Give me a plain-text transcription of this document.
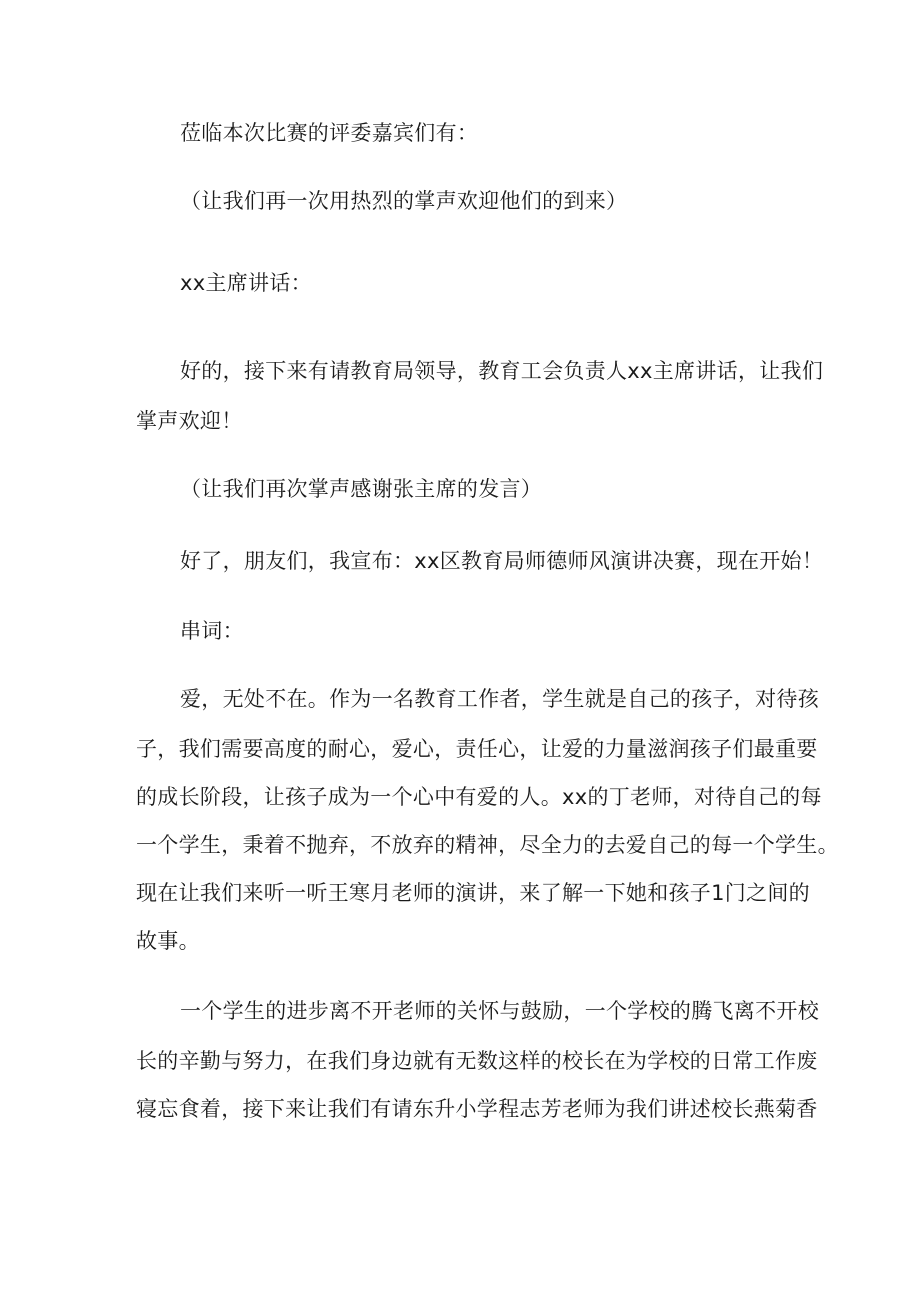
莅临本次比赛的评委嘉宾们有：
（让我们再一次用热烈的掌声欢迎他们的到来）
xx主席讲话：
好的，接下来有请教育局领导，教育工会负责人xx主席讲话，让我们
掌声欢迎！
（让我们再次掌声感谢张主席的发言）
好了，朋友们，我宣布：xx区教育局师德师风演讲决赛，现在开始！
串词：
爱，无处不在。作为一名教育工作者，学生就是自己的孩子，对待孩
子，我们需要高度的耐心，爱心，责任心，让爱的力量滋润孩子们最重要
的成长阶段，让孩子成为一个心中有爱的人。xx的丁老师，对待自己的每
一个学生，秉着不抛弃，不放弃的精神，尽全力的去爱自己的每一个学生。
现在让我们来听一听王寒月老师的演讲，来了解一下她和孩子1门之间的
故事。
一个学生的进步离不开老师的关怀与鼓励，一个学校的腾飞离不开校
长的辛勤与努力，在我们身边就有无数这样的校长在为学校的日常工作废
寝忘食着，接下来让我们有请东升小学程志芳老师为我们讲述校长燕菊香
